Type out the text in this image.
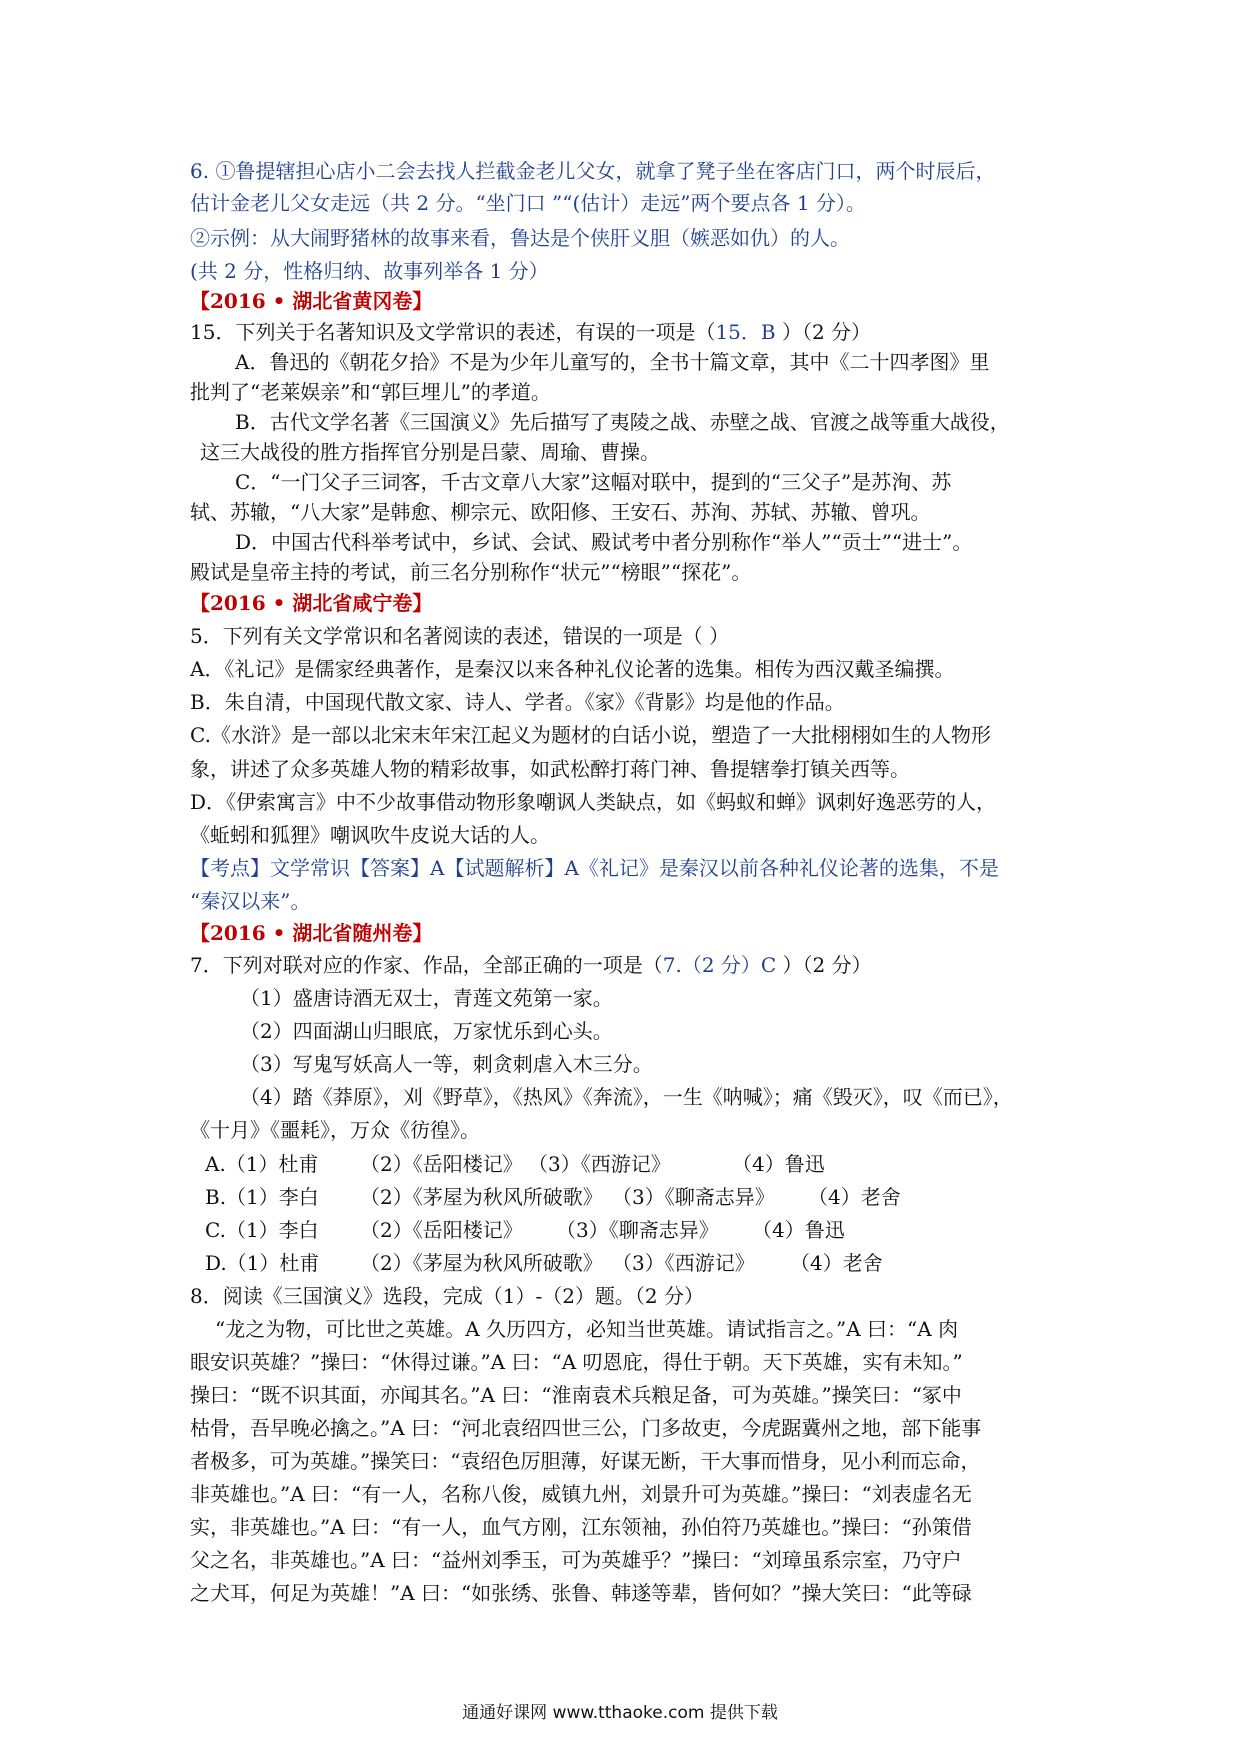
6. ①鲁提辖担心店小二会去找人拦截金老儿父女，就拿了凳子坐在客店门口，两个时辰后，
估计金老儿父女走远（共 2 分。“坐门口 ”“(估计）走远”两个要点各 1 分）。
②示例：从大闹野猪林的故事来看，鲁达是个侠肝义胆（嫉恶如仇）的人。
(共 2 分，性格归纳、故事列举各 1 分）
【2016 • 湖北省黄冈卷】
15．下列关于名著知识及文学常识的表述，有误的一项是（15．B ）（2 分）
A．鲁迅的《朝花夕拾》不是为少年儿童写的，全书十篇文章，其中《二十四孝图》里
批判了“老莱娱亲”和“郭巨埋儿”的孝道。
B．古代文学名著《三国演义》先后描写了夷陵之战、赤壁之战、官渡之战等重大战役，
这三大战役的胜方指挥官分别是吕蒙、周瑜、曹操。
C．“一门父子三词客，千古文章八大家”这幅对联中，提到的“三父子”是苏洵、苏
轼、苏辙，“八大家”是韩愈、柳宗元、欧阳修、王安石、苏洵、苏轼、苏辙、曾巩。
D．中国古代科举考试中，乡试、会试、殿试考中者分别称作“举人”“贡士”“进士”。
殿试是皇帝主持的考试，前三名分别称作“状元”“榜眼”“探花”。
【2016 • 湖北省咸宁卷】
5．下列有关文学常识和名著阅读的表述，错误的一项是（ ）
A．《礼记》是儒家经典著作，是秦汉以来各种礼仪论著的选集。相传为西汉戴圣编撰。
B．朱自清，中国现代散文家、诗人、学者。《家》《背影》均是他的作品。
C.《水浒》是一部以北宋末年宋江起义为题材的白话小说，塑造了一大批栩栩如生的人物形
象，讲述了众多英雄人物的精彩故事，如武松醉打蒋门神、鲁提辖拳打镇关西等。
D．《伊索寓言》中不少故事借动物形象嘲讽人类缺点，如《蚂蚁和蝉》讽刺好逸恶劳的人，
《蚯蚓和狐狸》嘲讽吹牛皮说大话的人。
【考点】文学常识【答案】A【试题解析】A《礼记》是秦汉以前各种礼仪论著的选集，不是
“秦汉以来”。
【2016 • 湖北省随州卷】
7．下列对联对应的作家、作品，全部正确的一项是（7.（2 分）C ）（2 分）
（1）盛唐诗酒无双士，青莲文苑第一家。
（2）四面湖山归眼底，万家忧乐到心头。
（3）写鬼写妖高人一等，刺贪刺虐入木三分。
（4）踏《莽原》，刈《野草》，《热风》《奔流》，一生《呐喊》；痛《毁灭》，叹《而已》，
《十月》《噩耗》，万众《彷徨》。
A.（1）杜甫 （2）《岳阳楼记》 （3）《西游记》	（4）鲁迅
B.（1）李白 （2）《茅屋为秋风所破歌》 （3）《聊斋志异》 （4）老舍
C.（1）李白 （2）《岳阳楼记》 （3）《聊斋志异》 （4）鲁迅
D.（1）杜甫 （2）《茅屋为秋风所破歌》 （3）《西游记》 （4）老舍
8．阅读《三国演义》选段，完成（1）-（2）题。（2 分）
“龙之为物，可比世之英雄。A 久历四方，必知当世英雄。请试指言之。”A 曰：“A 肉
眼安识英雄？”操曰：“休得过谦。”A 曰：“A 叨恩庇，得仕于朝。天下英雄，实有未知。”
操曰：“既不识其面，亦闻其名。”A 曰：“淮南袁术兵粮足备，可为英雄。”操笑曰：“冢中
枯骨，吾早晚必擒之。”A 曰：“河北袁绍四世三公，门多故吏，今虎踞冀州之地，部下能事
者极多，可为英雄。”操笑曰：“袁绍色厉胆薄，好谋无断，干大事而惜身，见小利而忘命，
非英雄也。”A 曰：“有一人，名称八俊，威镇九州，刘景升可为英雄。”操曰：“刘表虚名无
实，非英雄也。”A 曰：“有一人，血气方刚，江东领袖，孙伯符乃英雄也。”操曰：“孙策借
父之名，非英雄也。”A 曰：“益州刘季玉，可为英雄乎？”操曰：“刘璋虽系宗室，乃守户
之犬耳，何足为英雄！”A 曰：“如张绣、张鲁、韩遂等辈，皆何如？”操大笑曰：“此等碌
通通好课网 www.tthaoke.com 提供下载
